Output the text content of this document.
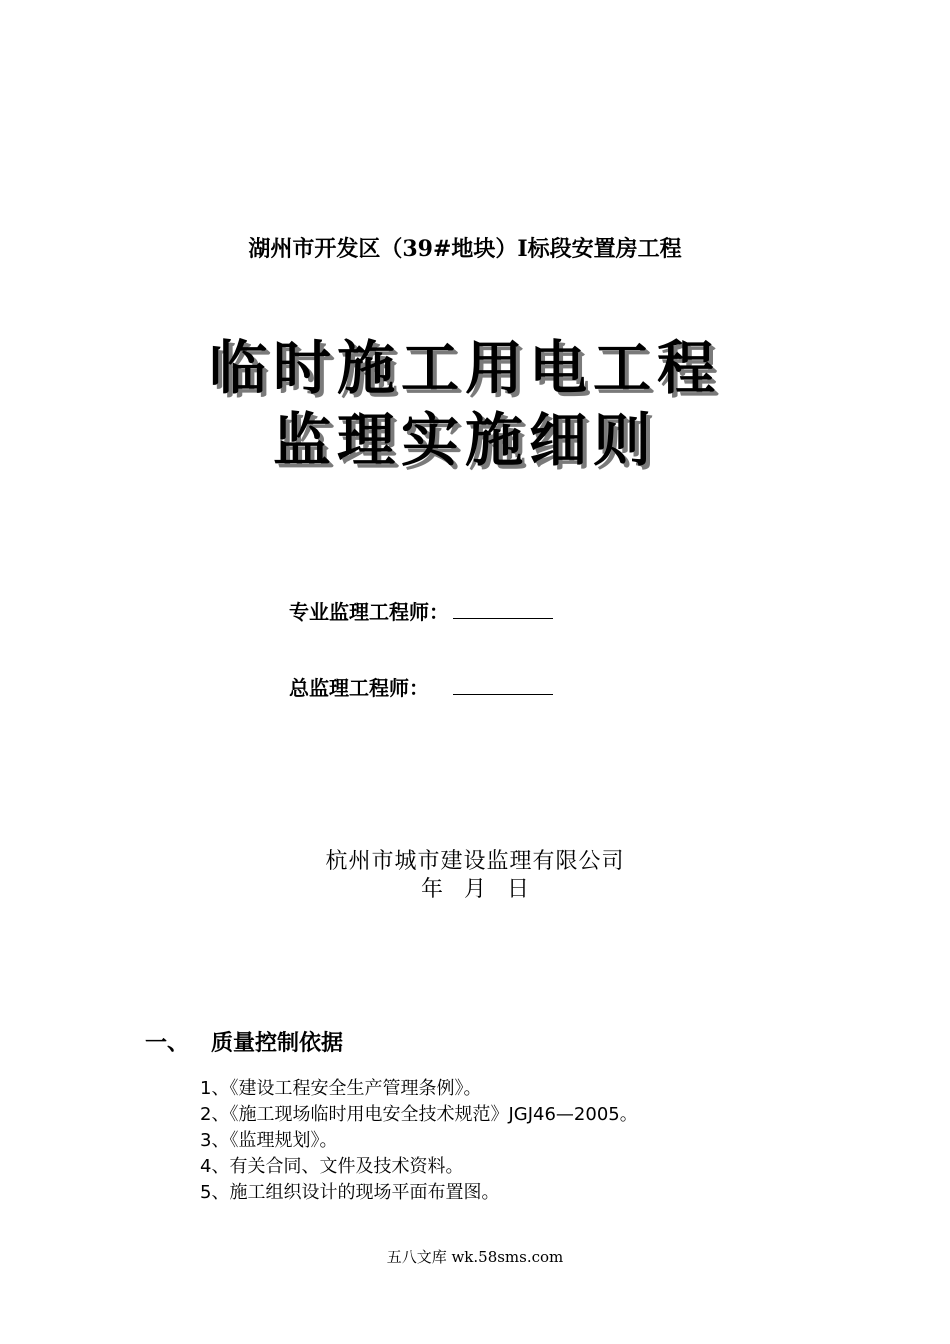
湖州市开发区（39#地块）I标段安置房工程
临时施工用电工程
监理实施细则
专业监理工程师：
总监理工程师：
杭州市城市建设监理有限公司
年   月   日
一、 质量控制依据
1、《建设工程安全生产管理条例》。
2、《施工现场临时用电安全技术规范》JGJ46—2005。
3、《监理规划》。
4、有关合同、文件及技术资料。
5、施工组织设计的现场平面布置图。
五八文库 wk.58sms.com
